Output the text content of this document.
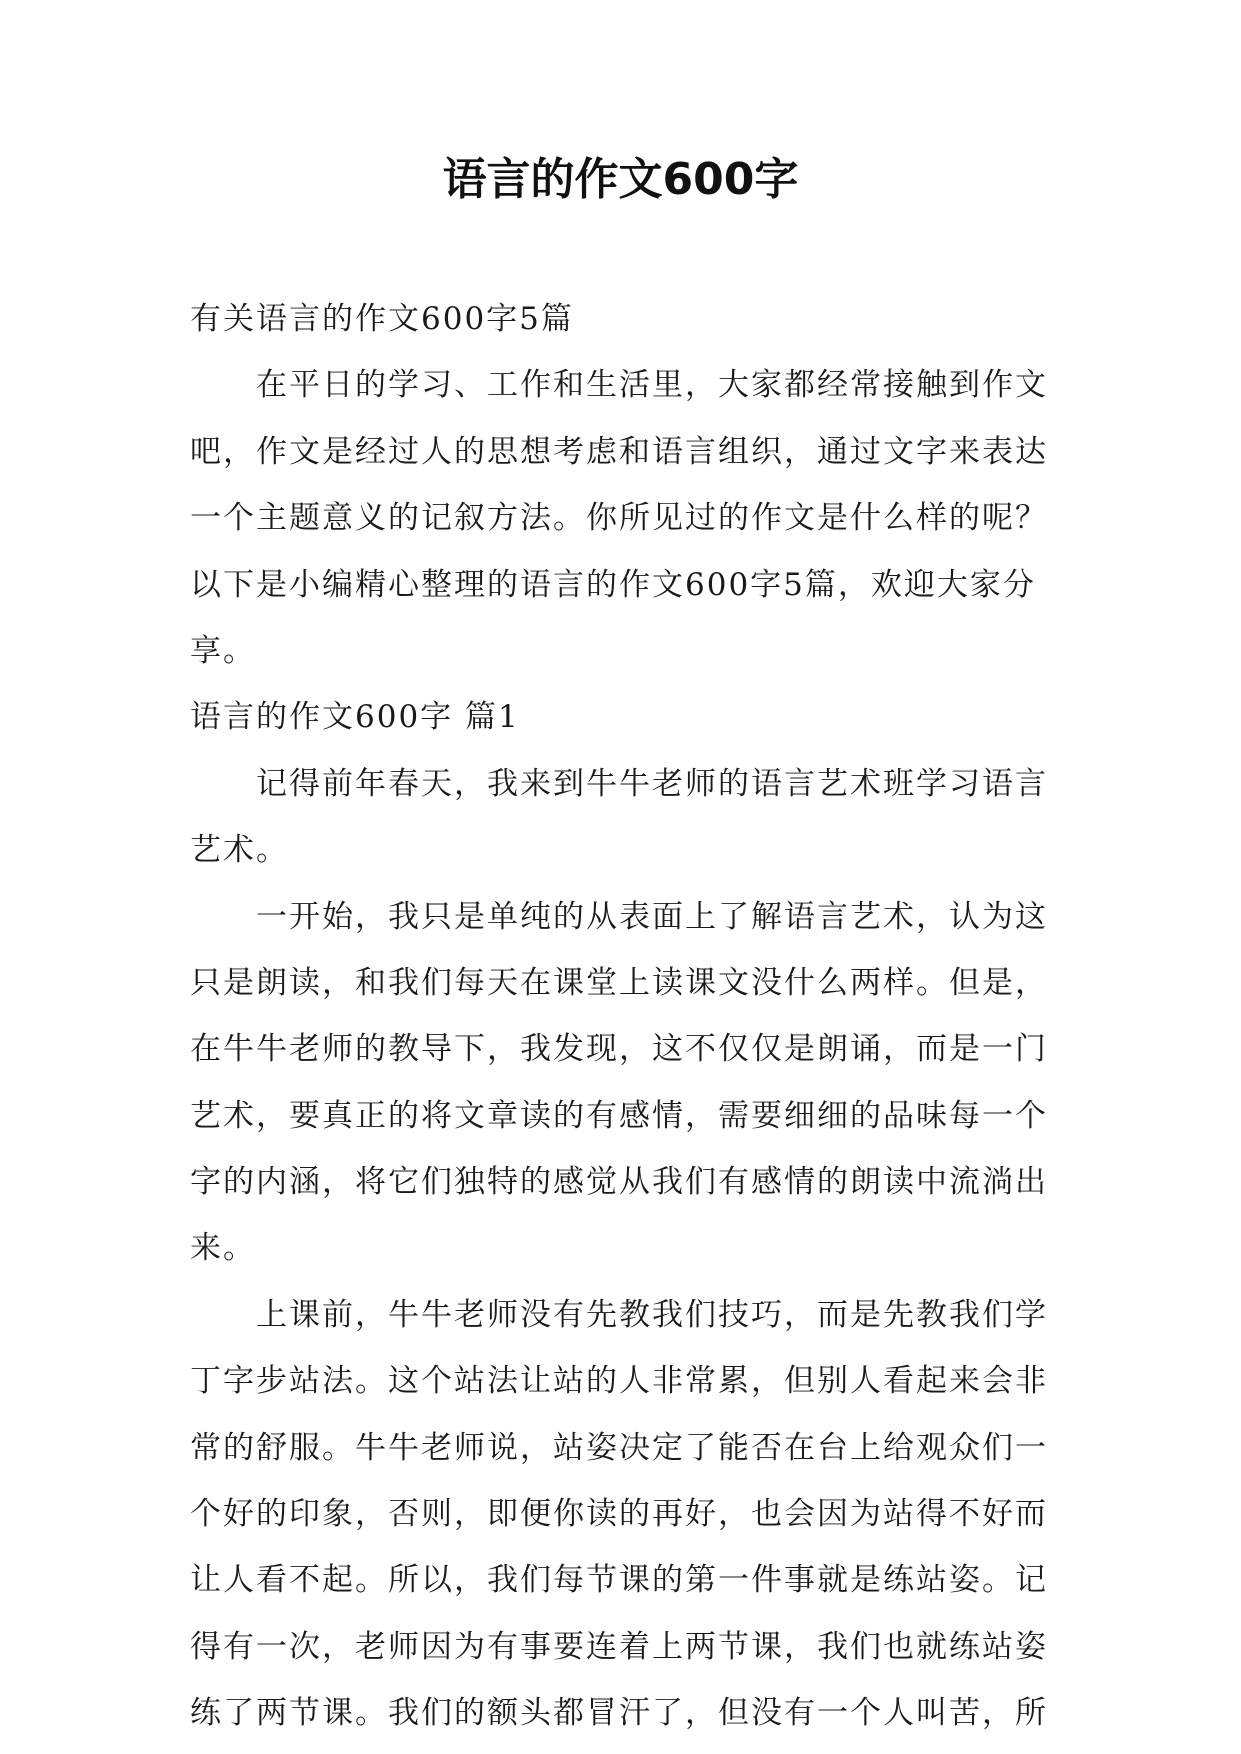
语言的作文600字

有关语言的作文600字5篇

在平日的学习、工作和生活里，大家都经常接触到作文

吧，作文是经过人的思想考虑和语言组织，通过文字来表达

一个主题意义的记叙方法。你所见过的作文是什么样的呢？

以下是小编精心整理的语言的作文600字5篇，欢迎大家分

享。

语言的作文600字 篇1

记得前年春天，我来到牛牛老师的语言艺术班学习语言

艺术。

一开始，我只是单纯的从表面上了解语言艺术，认为这

只是朗读，和我们每天在课堂上读课文没什么两样。但是，

在牛牛老师的教导下，我发现，这不仅仅是朗诵，而是一门

艺术，要真正的将文章读的有感情，需要细细的品味每一个

字的内涵，将它们独特的感觉从我们有感情的朗读中流淌出

来。

上课前，牛牛老师没有先教我们技巧，而是先教我们学

丁字步站法。这个站法让站的人非常累，但别人看起来会非

常的舒服。牛牛老师说，站姿决定了能否在台上给观众们一

个好的印象，否则，即便你读的再好，也会因为站得不好而

让人看不起。所以，我们每节课的第一件事就是练站姿。记

得有一次，老师因为有事要连着上两节课，我们也就练站姿

练了两节课。我们的额头都冒汗了，但没有一个人叫苦，所
